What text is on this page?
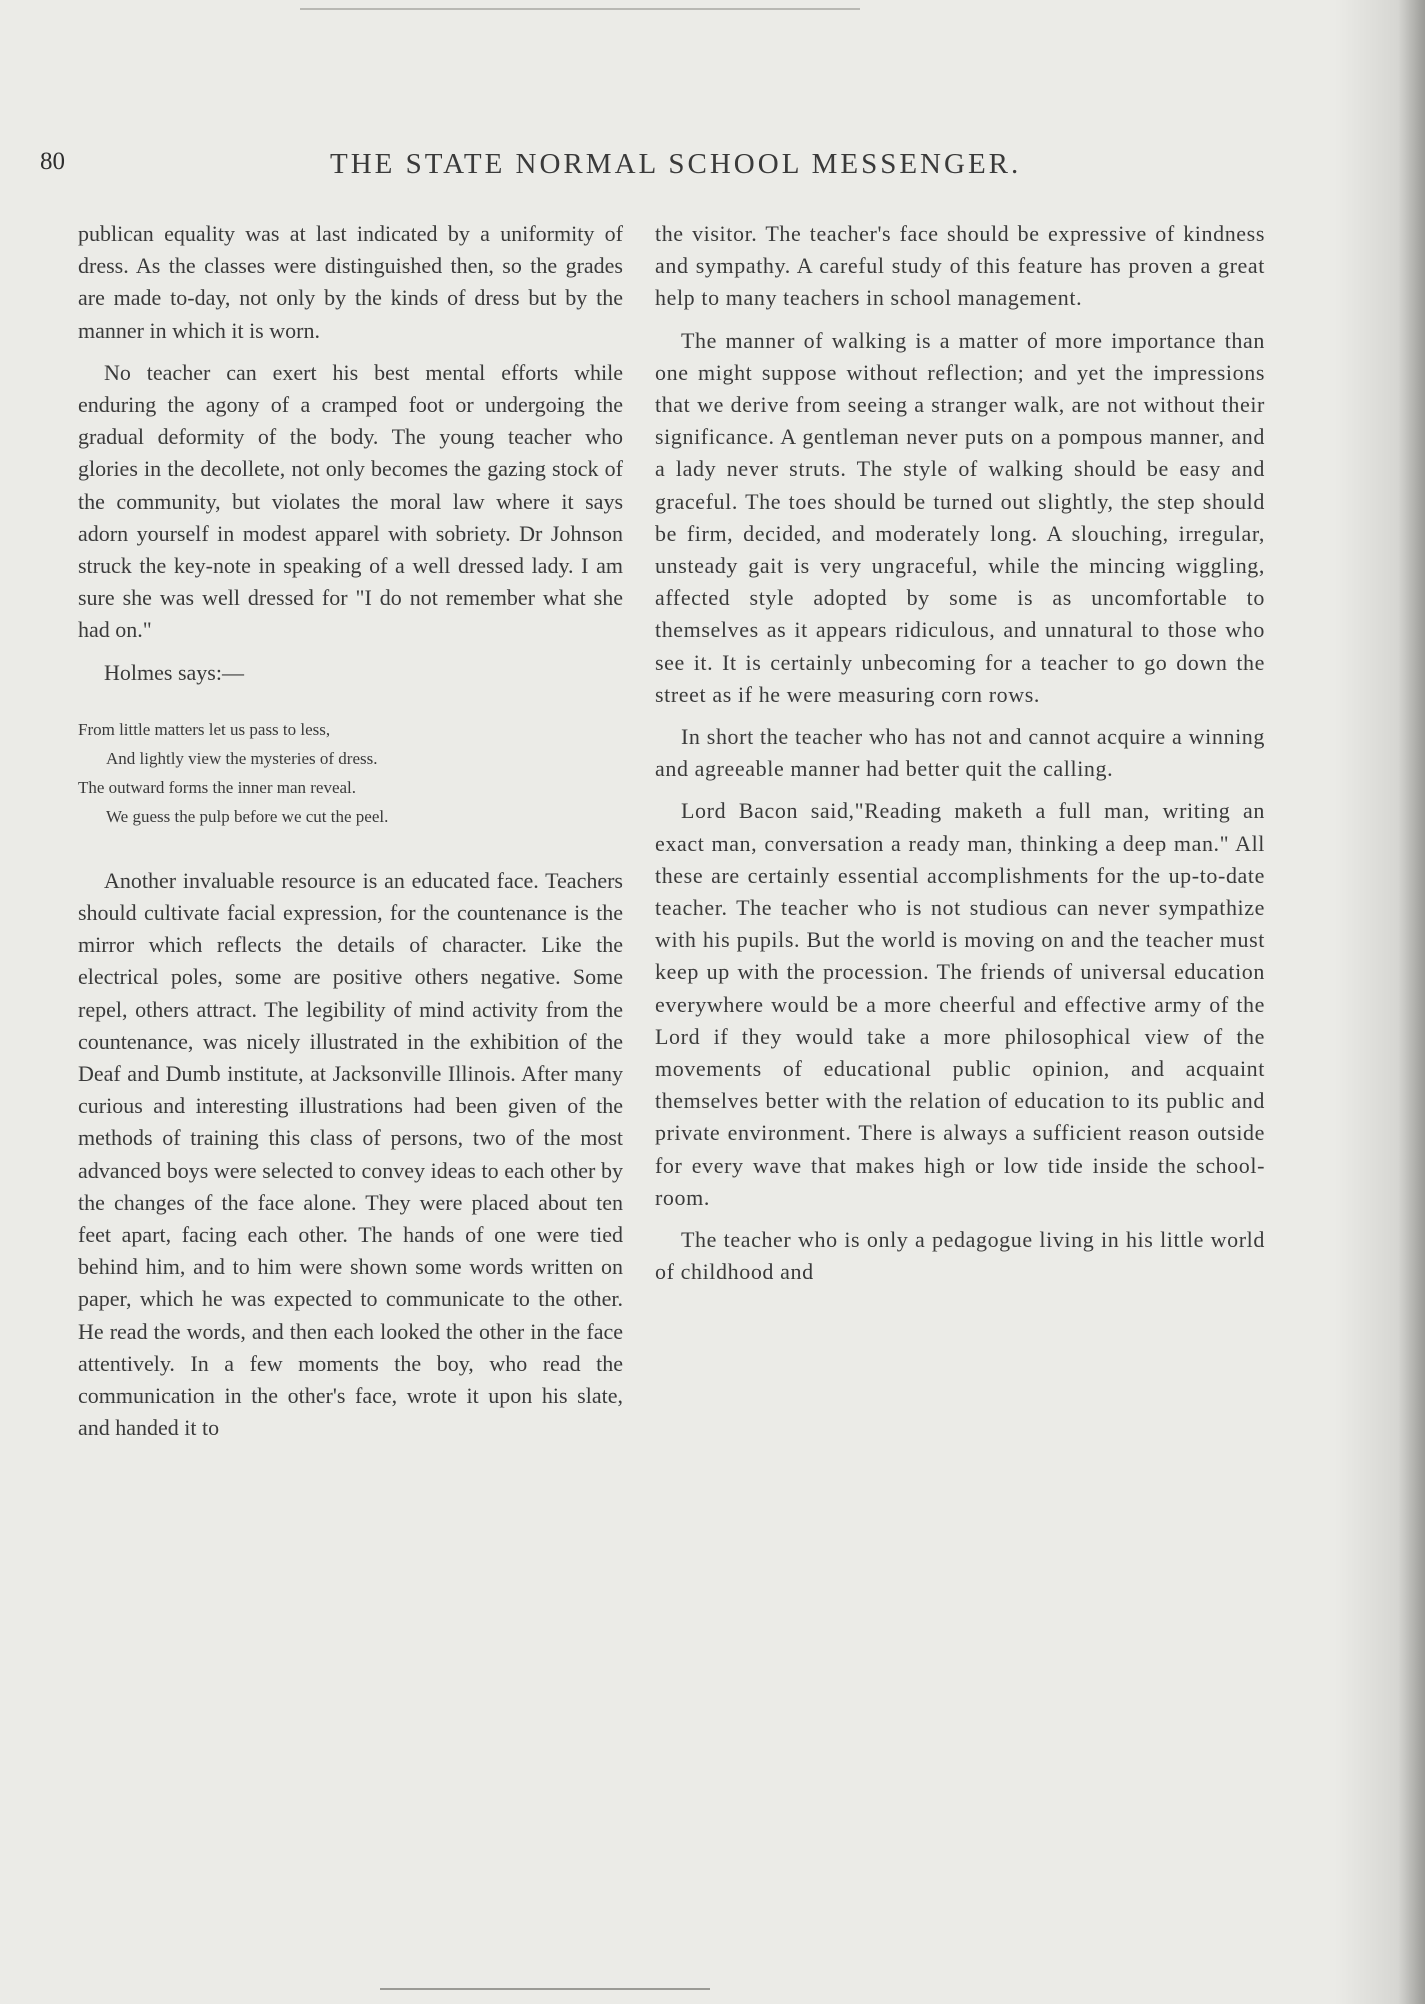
80	THE STATE NORMAL SCHOOL MESSENGER.

publican equality was at last indicated by a uniformity of dress. As the classes were distinguished then, so the grades are made to-day, not only by the kinds of dress but by the manner in which it is worn.

No teacher can exert his best mental efforts while enduring the agony of a cramped foot or undergoing the gradual deformity of the body. The young teacher who glories in the decollete, not only becomes the gazing stock of the community, but violates the moral law where it says adorn yourself in modest apparel with sobriety. Dr Johnson struck the key-note in speaking of a well dressed lady. I am sure she was well dressed for "I do not remember what she had on."

Holmes says:—

From little matters let us pass to less,
And lightly view the mysteries of dress.
The outward forms the inner man reveal.
We guess the pulp before we cut the peel.

Another invaluable resource is an educated face. Teachers should cultivate facial expression, for the countenance is the mirror which reflects the details of character. Like the electrical poles, some are positive others negative. Some repel, others attract. The legibility of mind activity from the countenance, was nicely illustrated in the exhibition of the Deaf and Dumb institute, at Jacksonville Illinois. After many curious and interesting illustrations had been given of the methods of training this class of persons, two of the most advanced boys were selected to convey ideas to each other by the changes of the face alone. They were placed about ten feet apart, facing each other. The hands of one were tied behind him, and to him were shown some words written on paper, which he was expected to communicate to the other. He read the words, and then each looked the other in the face attentively. In a few moments the boy, who read the communication in the other's face, wrote it upon his slate, and handed it to

the visitor. The teacher's face should be expressive of kindness and sympathy. A careful study of this feature has proven a great help to many teachers in school management.

The manner of walking is a matter of more importance than one might suppose without reflection; and yet the impressions that we derive from seeing a stranger walk, are not without their significance. A gentleman never puts on a pompous manner, and a lady never struts. The style of walking should be easy and graceful. The toes should be turned out slightly, the step should be firm, decided, and moderately long. A slouching, irregular, unsteady gait is very ungraceful, while the mincing wiggling, affected style adopted by some is as uncomfortable to themselves as it appears ridiculous, and unnatural to those who see it. It is certainly unbecoming for a teacher to go down the street as if he were measuring corn rows.

In short the teacher who has not and cannot acquire a winning and agreeable manner had better quit the calling.

Lord Bacon said,"Reading maketh a full man, writing an exact man, conversation a ready man, thinking a deep man." All these are certainly essential accomplishments for the up-to-date teacher. The teacher who is not studious can never sympathize with his pupils. But the world is moving on and the teacher must keep up with the procession. The friends of universal education everywhere would be a more cheerful and effective army of the Lord if they would take a more philosophical view of the movements of educational public opinion, and acquaint themselves better with the relation of education to its public and private environment. There is always a sufficient reason outside for every wave that makes high or low tide inside the school-room.

The teacher who is only a pedagogue living in his little world of childhood and
